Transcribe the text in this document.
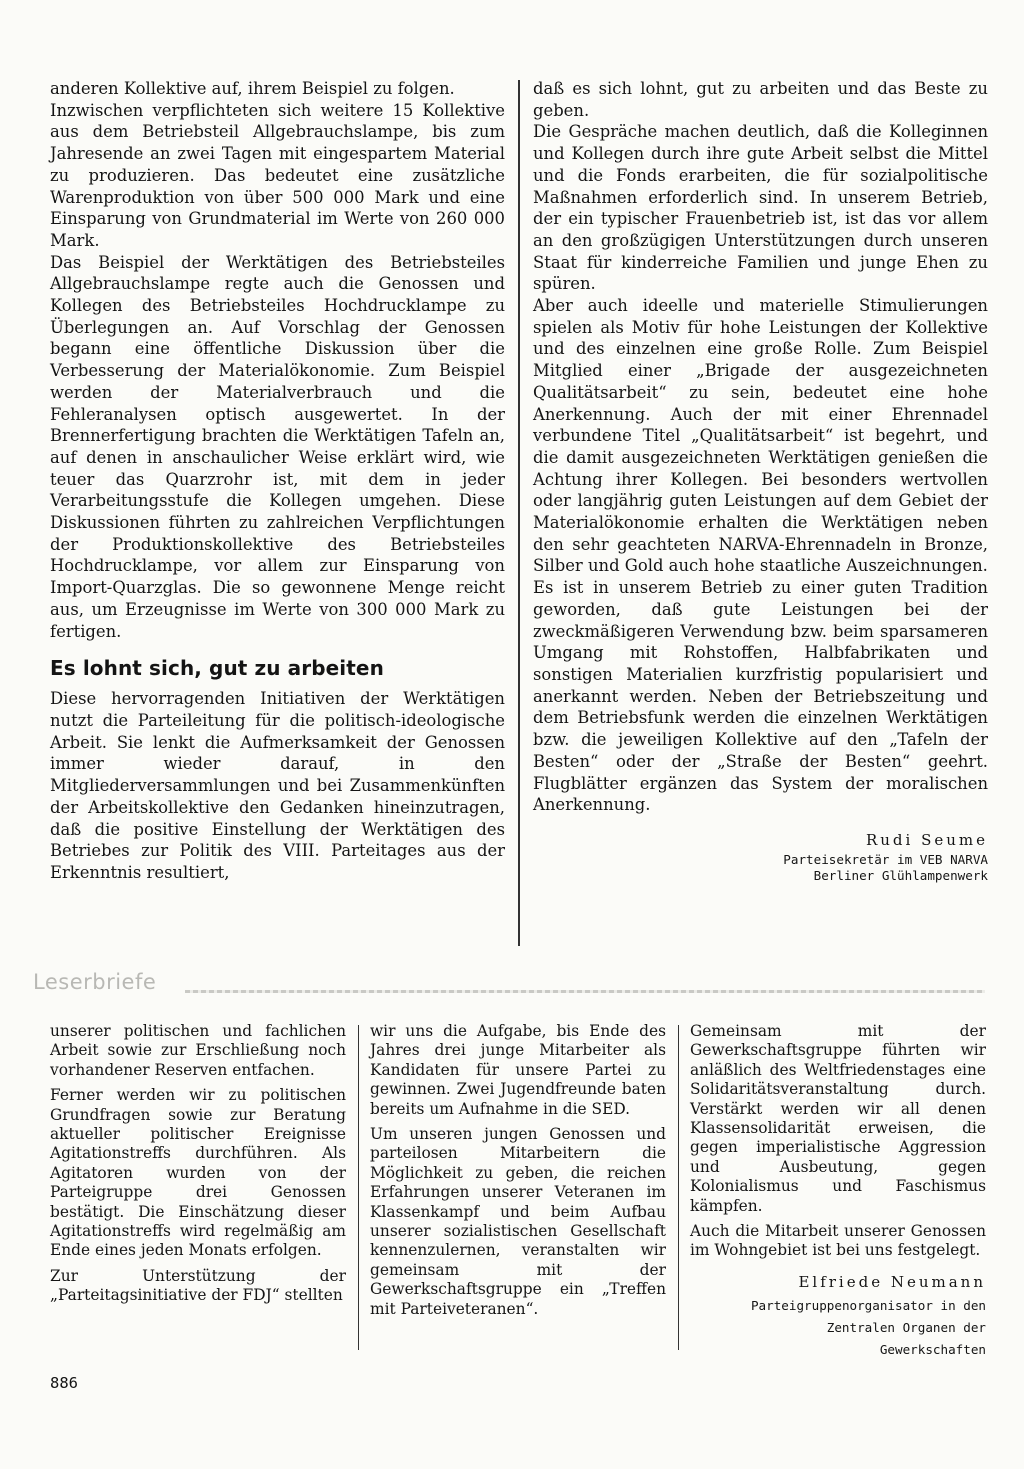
anderen Kollektive auf, ihrem Beispiel zu folgen.

Inzwischen verpflichteten sich weitere 15 Kollektive aus dem Betriebsteil Allgebrauchslampe, bis zum Jahresende an zwei Tagen mit eingespartem Material zu produzieren. Das bedeutet eine zusätzliche Warenproduktion von über 500 000 Mark und eine Einsparung von Grundmaterial im Werte von 260 000 Mark.

Das Beispiel der Werktätigen des Betriebsteiles Allgebrauchslampe regte auch die Genossen und Kollegen des Betriebsteiles Hochdrucklampe zu Überlegungen an. Auf Vorschlag der Genossen begann eine öffentliche Diskussion über die Verbesserung der Materialökonomie. Zum Beispiel werden der Materialverbrauch und die Fehleranalysen optisch ausgewertet. In der Brennerfertigung brachten die Werktätigen Tafeln an, auf denen in anschaulicher Weise erklärt wird, wie teuer das Quarzrohr ist, mit dem in jeder Verarbeitungsstufe die Kollegen umgehen. Diese Diskussionen führten zu zahlreichen Verpflichtungen der Produktionskollektive des Betriebsteiles Hochdrucklampe, vor allem zur Einsparung von Import-Quarzglas. Die so gewonnene Menge reicht aus, um Erzeugnisse im Werte von 300 000 Mark zu fertigen.

Es lohnt sich, gut zu arbeiten

Diese hervorragenden Initiativen der Werktätigen nutzt die Parteileitung für die politisch-ideologische Arbeit. Sie lenkt die Aufmerksamkeit der Genossen immer wieder darauf, in den Mitgliederversammlungen und bei Zusammenkünften der Arbeitskollektive den Gedanken hineinzutragen, daß die positive Einstellung der Werktätigen des Betriebes zur Politik des VIII. Parteitages aus der Erkenntnis resultiert,

daß es sich lohnt, gut zu arbeiten und das Beste zu geben.

Die Gespräche machen deutlich, daß die Kolleginnen und Kollegen durch ihre gute Arbeit selbst die Mittel und die Fonds erarbeiten, die für sozialpolitische Maßnahmen erforderlich sind. In unserem Betrieb, der ein typischer Frauenbetrieb ist, ist das vor allem an den großzügigen Unterstützungen durch unseren Staat für kinderreiche Familien und junge Ehen zu spüren.

Aber auch ideelle und materielle Stimulierungen spielen als Motiv für hohe Leistungen der Kollektive und des einzelnen eine große Rolle. Zum Beispiel Mitglied einer „Brigade der ausgezeichneten Qualitätsarbeit“ zu sein, bedeutet eine hohe Anerkennung. Auch der mit einer Ehrennadel verbundene Titel „Qualitätsarbeit“ ist begehrt, und die damit ausgezeichneten Werktätigen genießen die Achtung ihrer Kollegen. Bei besonders wertvollen oder langjährig guten Leistungen auf dem Gebiet der Materialökonomie erhalten die Werktätigen neben den sehr geachteten NARVA-Ehrennadeln in Bronze, Silber und Gold auch hohe staatliche Auszeichnungen.

Es ist in unserem Betrieb zu einer guten Tradition geworden, daß gute Leistungen bei der zweckmäßigeren Verwendung bzw. beim sparsameren Umgang mit Rohstoffen, Halbfabrikaten und sonstigen Materialien kurzfristig popularisiert und anerkannt werden. Neben der Betriebszeitung und dem Betriebsfunk werden die einzelnen Werktätigen bzw. die jeweiligen Kollektive auf den „Tafeln der Besten“ oder der „Straße der Besten“ geehrt. Flugblätter ergänzen das System der moralischen Anerkennung.

Rudi Seume

Parteisekretär im VEB NARVA

Berliner Glühlampenwerk

Leserbriefe

unserer politischen und fachlichen Arbeit sowie zur Erschließung noch vorhandener Reserven entfachen.

Ferner werden wir zu politischen Grundfragen sowie zur Beratung aktueller politischer Ereignisse Agitationstreffs durchführen. Als Agitatoren wurden von der Parteigruppe drei Genossen bestätigt. Die Einschätzung dieser Agitationstreffs wird regelmäßig am Ende eines jeden Monats erfolgen.

Zur Unterstützung der „Parteitagsinitiative der FDJ“ stellten

wir uns die Aufgabe, bis Ende des Jahres drei junge Mitarbeiter als Kandidaten für unsere Partei zu gewinnen. Zwei Jugendfreunde baten bereits um Aufnahme in die SED.

Um unseren jungen Genossen und parteilosen Mitarbeitern die Möglichkeit zu geben, die reichen Erfahrungen unserer Veteranen im Klassenkampf und beim Aufbau unserer sozialistischen Gesellschaft kennenzulernen, veranstalten wir gemeinsam mit der Gewerkschaftsgruppe ein „Treffen mit Parteiveteranen“.

Gemeinsam mit der Gewerkschaftsgruppe führten wir anläßlich des Weltfriedenstages eine Solidaritätsveranstaltung durch. Verstärkt werden wir all denen Klassensolidarität erweisen, die gegen imperialistische Aggression und Ausbeutung, gegen Kolonialismus und Faschismus kämpfen.

Auch die Mitarbeit unserer Genossen im Wohngebiet ist bei uns festgelegt.

Elfriede Neumann

Parteigruppenorganisator in den

Zentralen Organen der

Gewerkschaften

886
